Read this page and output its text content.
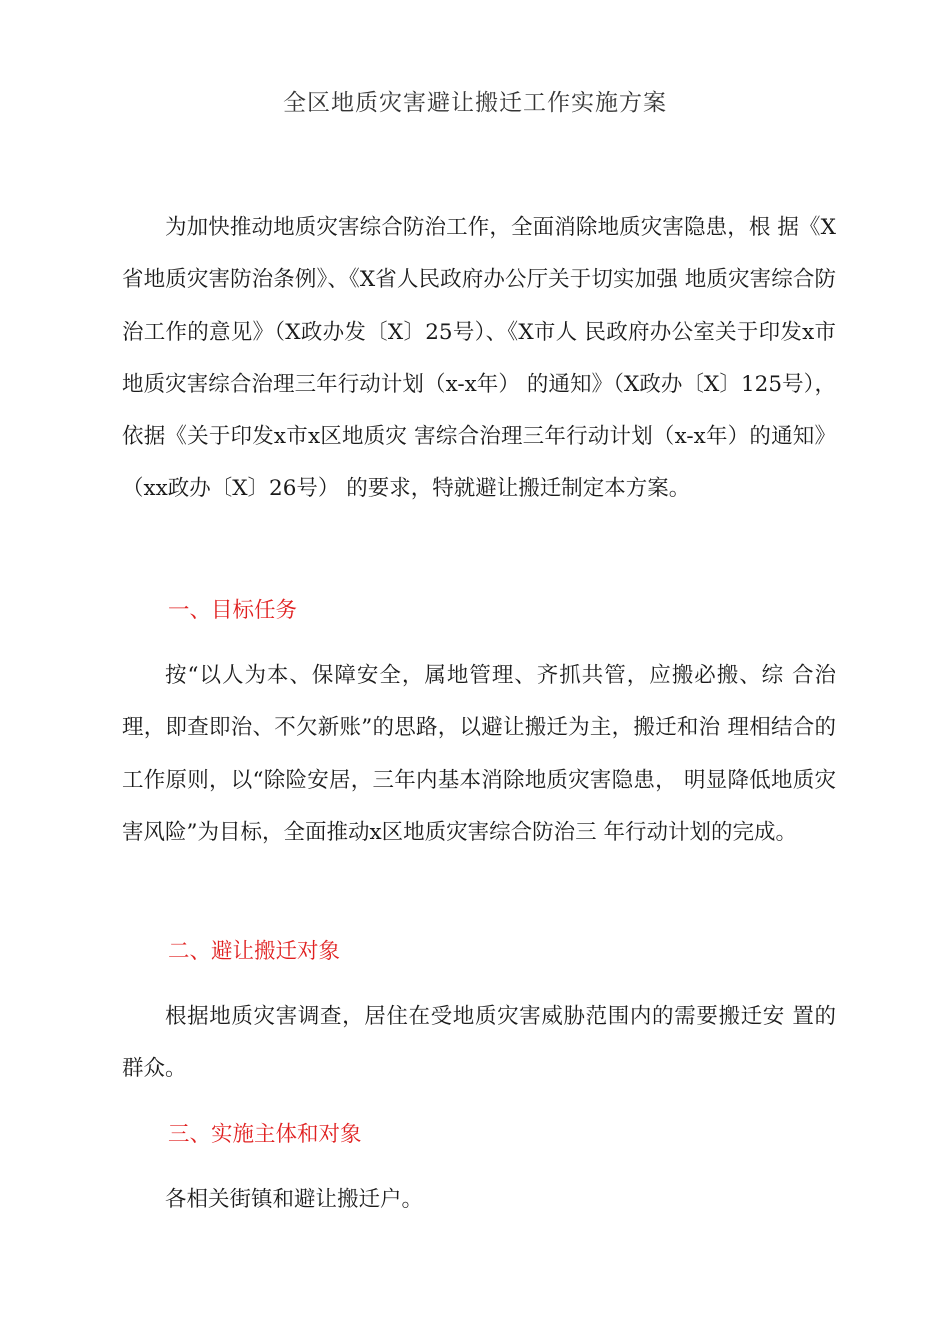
全区地质灾害避让搬迁工作实施方案

为加快推动地质灾害综合防治工作，全面消除地质灾害隐患，根 据《X省地质灾害防治条例》、《X省人民政府办公厅关于切实加强 地质灾害综合防治工作的意见》（X政办发〔X〕25号）、《X市人 民政府办公室关于印发x市地质灾害综合治理三年行动计划（x-x年） 的通知》（X政办〔X〕125号），依据《关于印发x市x区地质灾 害综合治理三年行动计划（x-x年）的通知》（xx政办〔X〕26号） 的要求，特就避让搬迁制定本方案。

一、目标任务

按“以人为本、保障安全，属地管理、齐抓共管，应搬必搬、综 合治理，即查即治、不欠新账”的思路，以避让搬迁为主，搬迁和治 理相结合的工作原则，以“除险安居，三年内基本消除地质灾害隐患， 明显降低地质灾害风险”为目标，全面推动x区地质灾害综合防治三 年行动计划的完成。

二、避让搬迁对象

根据地质灾害调查，居住在受地质灾害威胁范围内的需要搬迁安 置的群众。

三、实施主体和对象

各相关街镇和避让搬迁户。
